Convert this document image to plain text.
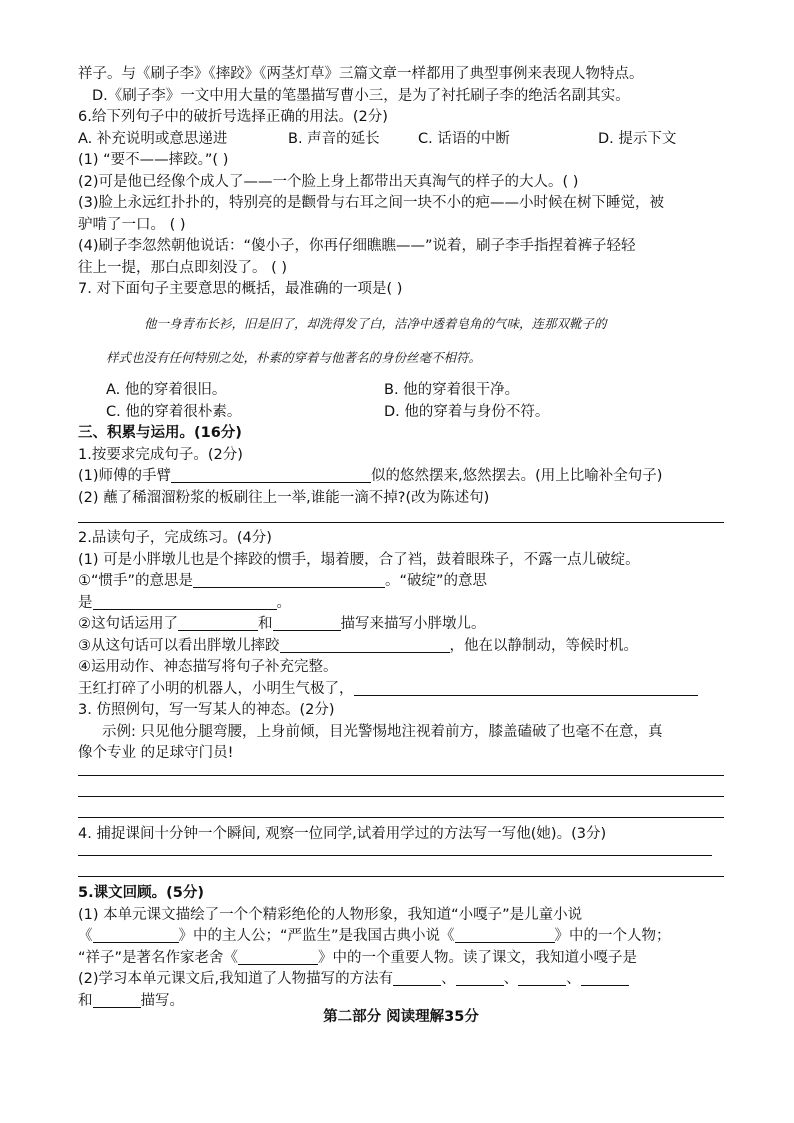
祥子。与《刷子李》《摔跤》《两茎灯草》三篇文章一样都用了典型事例来表现人物特点。

D.《刷子李》一文中用大量的笔墨描写曹小三，是为了衬托刷子李的绝活名副其实。

6.给下列句子中的破折号选择正确的用法。(2分)

A. 补充说明或意思递进	B. 声音的延长	C. 话语的中断	D. 提示下文

(1) “要不——摔跤。”( )

(2)可是他已经像个成人了——一个脸上身上都带出天真淘气的样子的大人。( )

(3)脸上永远红扑扑的，特别亮的是颧骨与右耳之间一块不小的疤——小时候在树下睡觉，被

驴啃了一口。 ( )

(4)刷子李忽然朝他说话：“傻小子，你再仔细瞧瞧——”说着，刷子李手指捏着裤子轻轻

往上一提，那白点即刻没了。 ( )

7. 对下面句子主要意思的概括，最准确的一项是( )

他一身青布长衫，旧是旧了，却洗得发了白，洁净中透着皂角的气味，连那双靴子的

样式也没有任何特别之处，朴素的穿着与他著名的身份丝毫不相符。

A. 他的穿着很旧。	B. 他的穿着很干净。

C. 他的穿着很朴素。	D. 他的穿着与身份不符。

三、积累与运用。(16分)

1.按要求完成句子。(2分)

(1)师傅的手臂	似的悠然摆来,悠然摆去。(用上比喻补全句子)

(2) 蘸了稀溜溜粉浆的板刷往上一举,谁能一滴不掉?(改为陈述句)

2.品读句子，完成练习。(4分)

(1) 可是小胖墩儿也是个摔跤的惯手，塌着腰，合了裆，鼓着眼珠子，不露一点儿破绽。

①“惯手”的意思是	。“破绽”的意思

是	。

②这句话运用了	和	描写来描写小胖墩儿。

③从这句话可以看出胖墩儿摔跤	，他在以静制动，等候时机。

④运用动作、神态描写将句子补充完整。

王红打碎了小明的机器人，小明生气极了，

3. 仿照例句，写一写某人的神态。(2分)

示例: 只见他分腿弯腰，上身前倾，目光警惕地注视着前方，膝盖磕破了也毫不在意，真

像个专业 的足球守门员!

4. 捕捉课间十分钟一个瞬间, 观察一位同学,试着用学过的方法写一写他(她)。(3分)

5.课文回顾。(5分)

(1) 本单元课文描绘了一个个精彩绝伦的人物形象，我知道“小嘎子”是儿童小说

《	》中的主人公；“严监生”是我国古典小说《	》中的一个人物；

“祥子”是著名作家老舍《	》中的一个重要人物。读了课文，我知道小嘎子是

(2)学习本单元课文后,我知道了人物描写的方法有	、	、	、

和	描写。

第二部分 阅读理解35分
